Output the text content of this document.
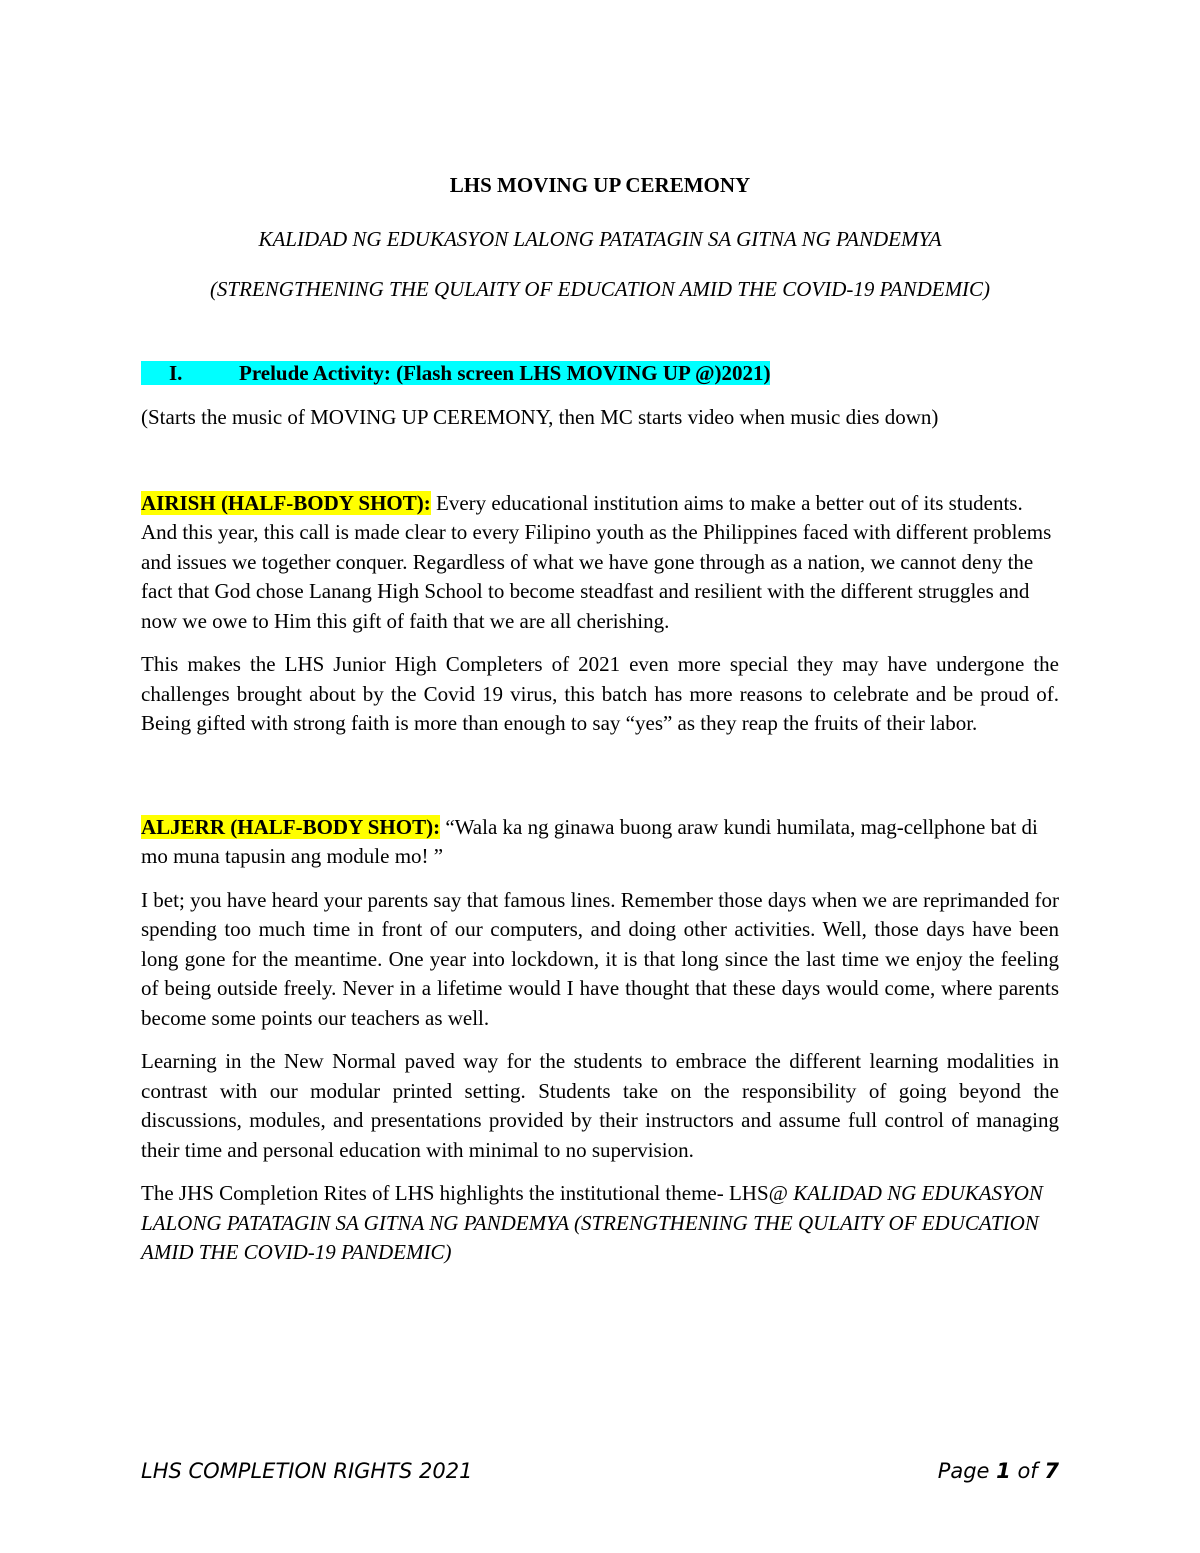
LHS MOVING UP CEREMONY
KALIDAD NG EDUKASYON LALONG PATATAGIN SA GITNA NG PANDEMYA
(STRENGTHENING THE QULAITY OF EDUCATION AMID THE COVID-19 PANDEMIC)
I.	Prelude Activity: (Flash screen LHS MOVING UP @)2021)

(Starts the music of MOVING UP CEREMONY, then MC starts video when music dies down)

AIRISH (HALF-BODY SHOT): Every educational institution aims to make a better out of its students. And this year, this call is made clear to every Filipino youth as the Philippines faced with different problems and issues we together conquer. Regardless of what we have gone through as a nation, we cannot deny the fact that God chose Lanang High School to become steadfast and resilient with the different struggles and now we owe to Him this gift of faith that we are all cherishing.

This makes the LHS Junior High Completers of 2021 even more special they may have undergone the challenges brought about by the Covid 19 virus, this batch has more reasons to celebrate and be proud of. Being gifted with strong faith is more than enough to say “yes” as they reap the fruits of their labor.

ALJERR (HALF-BODY SHOT): “Wala ka ng ginawa buong araw kundi humilata, mag-cellphone bat di mo muna tapusin ang module mo! ”

I bet; you have heard your parents say that famous lines. Remember those days when we are reprimanded for spending too much time in front of our computers, and doing other activities. Well, those days have been long gone for the meantime. One year into lockdown, it is that long since the last time we enjoy the feeling of being outside freely. Never in a lifetime would I have thought that these days would come, where parents become some points our teachers as well.

Learning in the New Normal paved way for the students to embrace the different learning modalities in contrast with our modular printed setting. Students take on the responsibility of going beyond the discussions, modules, and presentations provided by their instructors and assume full control of managing their time and personal education with minimal to no supervision.

The JHS Completion Rites of LHS highlights the institutional theme- LHS@ KALIDAD NG EDUKASYON LALONG PATATAGIN SA GITNA NG PANDEMYA (STRENGTHENING THE QULAITY OF EDUCATION AMID THE COVID-19 PANDEMIC)

LHS COMPLETION RIGHTS 2021	Page 1 of 7
